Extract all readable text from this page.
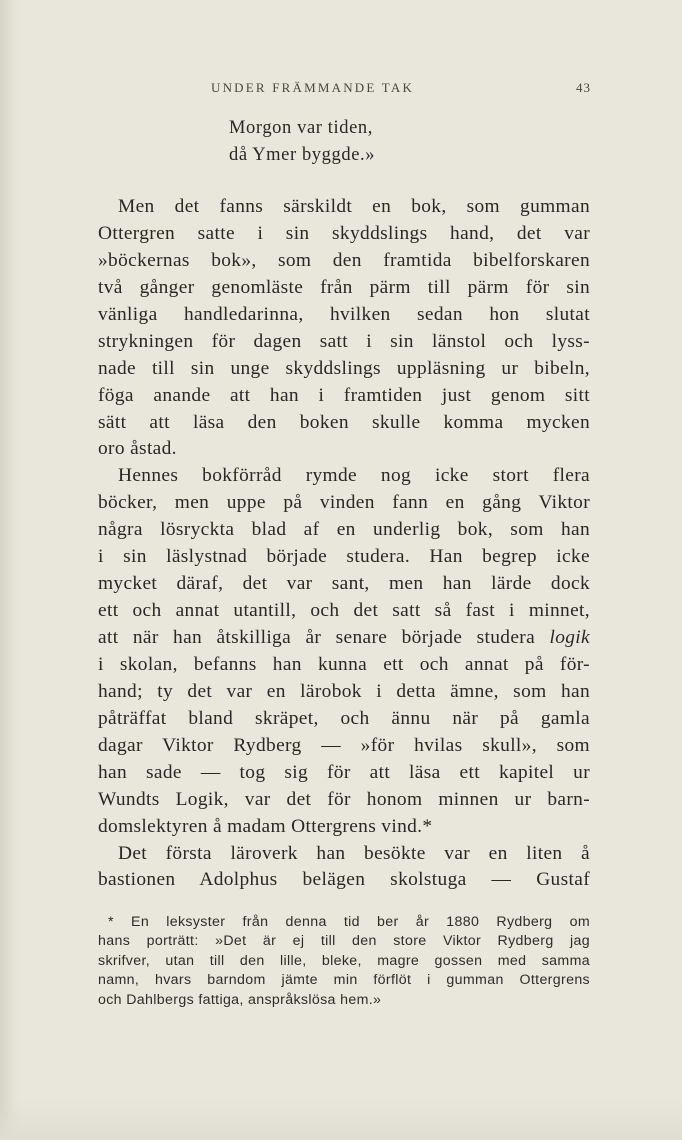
UNDER FRÄMMANDE TAK	43
Morgon var tiden,
då Ymer byggde.»
Men det fanns särskildt en bok, som gumman
Ottergren satte i sin skyddslings hand, det var
»böckernas bok», som den framtida bibelforskaren
två gånger genomläste från pärm till pärm för sin
vänliga handledarinna, hvilken sedan hon slutat
strykningen för dagen satt i sin länstol och lyss-
nade till sin unge skyddslings uppläsning ur bibeln,
föga anande att han i framtiden just genom sitt
sätt att läsa den boken skulle komma mycken
oro åstad.
Hennes bokförråd rymde nog icke stort flera
böcker, men uppe på vinden fann en gång Viktor
några lösryckta blad af en underlig bok, som han
i sin läslystnad började studera. Han begrep icke
mycket däraf, det var sant, men han lärde dock
ett och annat utantill, och det satt så fast i minnet,
att när han åtskilliga år senare började studera logik
i skolan, befanns han kunna ett och annat på för-
hand; ty det var en lärobok i detta ämne, som han
påträffat bland skräpet, och ännu när på gamla
dagar Viktor Rydberg — »för hvilas skull», som
han sade — tog sig för att läsa ett kapitel ur
Wundts Logik, var det för honom minnen ur barn-
domslektyren å madam Ottergrens vind.*
Det första läroverk han besökte var en liten å
bastionen Adolphus belägen skolstuga — Gustaf
* En leksyster från denna tid ber år 1880 Rydberg om
hans porträtt: »Det är ej till den store Viktor Rydberg jag
skrifver, utan till den lille, bleke, magre gossen med samma
namn, hvars barndom jämte min förflöt i gumman Ottergrens
och Dahlbergs fattiga, anspråkslösa hem.»
